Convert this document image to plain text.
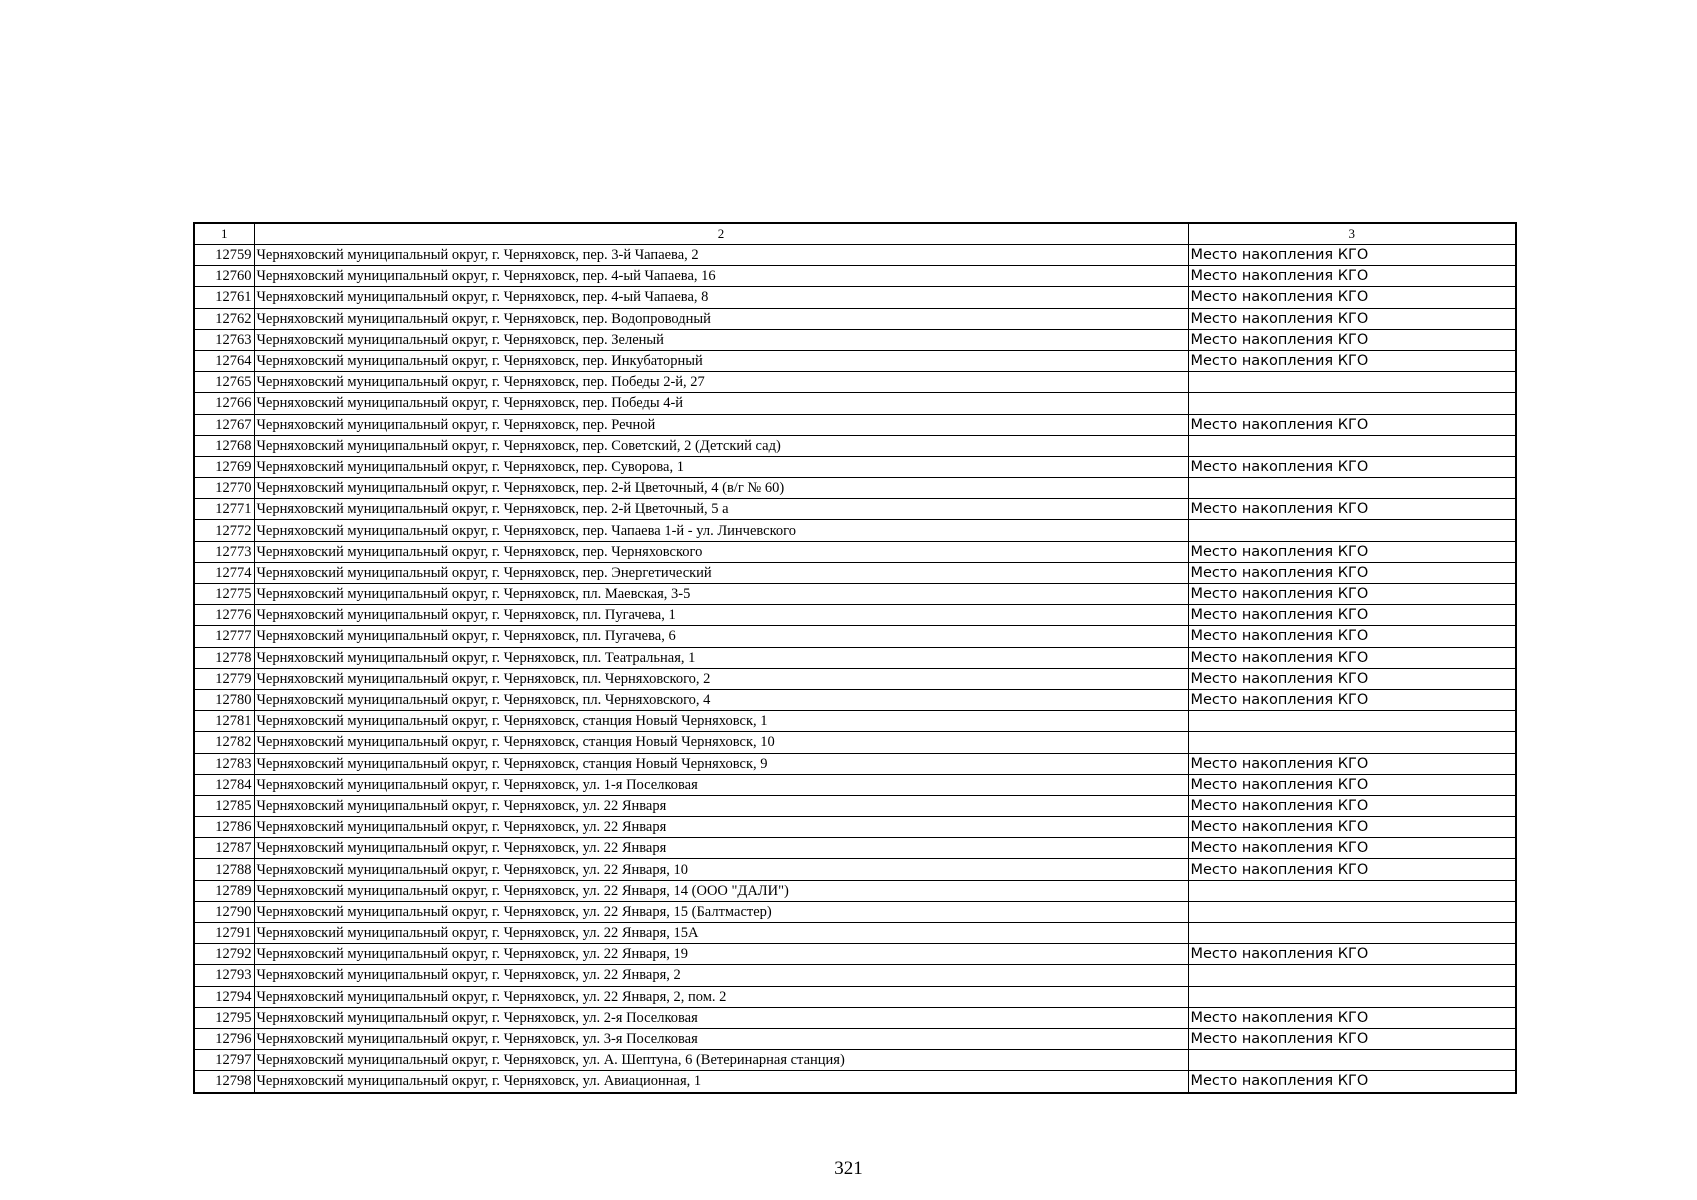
1	2	3
12759	Черняховский муниципальный округ, г. Черняховск, пер. 3-й Чапаева, 2	Место накопления КГО
12760	Черняховский муниципальный округ, г. Черняховск, пер. 4-ый Чапаева, 16	Место накопления КГО
12761	Черняховский муниципальный округ, г. Черняховск, пер. 4-ый Чапаева, 8	Место накопления КГО
12762	Черняховский муниципальный округ, г. Черняховск, пер. Водопроводный	Место накопления КГО
12763	Черняховский муниципальный округ, г. Черняховск, пер. Зеленый	Место накопления КГО
12764	Черняховский муниципальный округ, г. Черняховск, пер. Инкубаторный	Место накопления КГО
12765	Черняховский муниципальный округ, г. Черняховск, пер. Победы 2-й, 27	
12766	Черняховский муниципальный округ, г. Черняховск, пер. Победы 4-й	
12767	Черняховский муниципальный округ, г. Черняховск, пер. Речной	Место накопления КГО
12768	Черняховский муниципальный округ, г. Черняховск, пер. Советский, 2 (Детский сад)	
12769	Черняховский муниципальный округ, г. Черняховск, пер. Суворова, 1	Место накопления КГО
12770	Черняховский муниципальный округ, г. Черняховск, пер. 2-й Цветочный, 4 (в/г № 60)	
12771	Черняховский муниципальный округ, г. Черняховск, пер. 2-й Цветочный, 5 а	Место накопления КГО
12772	Черняховский муниципальный округ, г. Черняховск, пер. Чапаева 1-й - ул. Линчевского	
12773	Черняховский муниципальный округ, г. Черняховск, пер. Черняховского	Место накопления КГО
12774	Черняховский муниципальный округ, г. Черняховск, пер. Энергетический	Место накопления КГО
12775	Черняховский муниципальный округ, г. Черняховск, пл. Маевская, 3-5	Место накопления КГО
12776	Черняховский муниципальный округ, г. Черняховск, пл. Пугачева, 1	Место накопления КГО
12777	Черняховский муниципальный округ, г. Черняховск, пл. Пугачева, 6	Место накопления КГО
12778	Черняховский муниципальный округ, г. Черняховск, пл. Театральная, 1	Место накопления КГО
12779	Черняховский муниципальный округ, г. Черняховск, пл. Черняховского, 2	Место накопления КГО
12780	Черняховский муниципальный округ, г. Черняховск, пл. Черняховского, 4	Место накопления КГО
12781	Черняховский муниципальный округ, г. Черняховск, станция Новый Черняховск, 1	
12782	Черняховский муниципальный округ, г. Черняховск, станция Новый Черняховск, 10	
12783	Черняховский муниципальный округ, г. Черняховск, станция Новый Черняховск, 9	Место накопления КГО
12784	Черняховский муниципальный округ, г. Черняховск, ул. 1-я Поселковая	Место накопления КГО
12785	Черняховский муниципальный округ, г. Черняховск, ул. 22 Января	Место накопления КГО
12786	Черняховский муниципальный округ, г. Черняховск, ул. 22 Января	Место накопления КГО
12787	Черняховский муниципальный округ, г. Черняховск, ул. 22 Января	Место накопления КГО
12788	Черняховский муниципальный округ, г. Черняховск, ул. 22 Января, 10	Место накопления КГО
12789	Черняховский муниципальный округ, г. Черняховск, ул. 22 Января, 14 (ООО "ДАЛИ")	
12790	Черняховский муниципальный округ, г. Черняховск, ул. 22 Января, 15 (Балтмастер)	
12791	Черняховский муниципальный округ, г. Черняховск, ул. 22 Января, 15А	
12792	Черняховский муниципальный округ, г. Черняховск, ул. 22 Января, 19	Место накопления КГО
12793	Черняховский муниципальный округ, г. Черняховск, ул. 22 Января, 2	
12794	Черняховский муниципальный округ, г. Черняховск, ул. 22 Января, 2, пом. 2	
12795	Черняховский муниципальный округ, г. Черняховск, ул. 2-я Поселковая	Место накопления КГО
12796	Черняховский муниципальный округ, г. Черняховск, ул. 3-я Поселковая	Место накопления КГО
12797	Черняховский муниципальный округ, г. Черняховск, ул. А. Шептуна, 6 (Ветеринарная станция)	
12798	Черняховский муниципальный округ, г. Черняховск, ул. Авиационная, 1	Место накопления КГО
321
